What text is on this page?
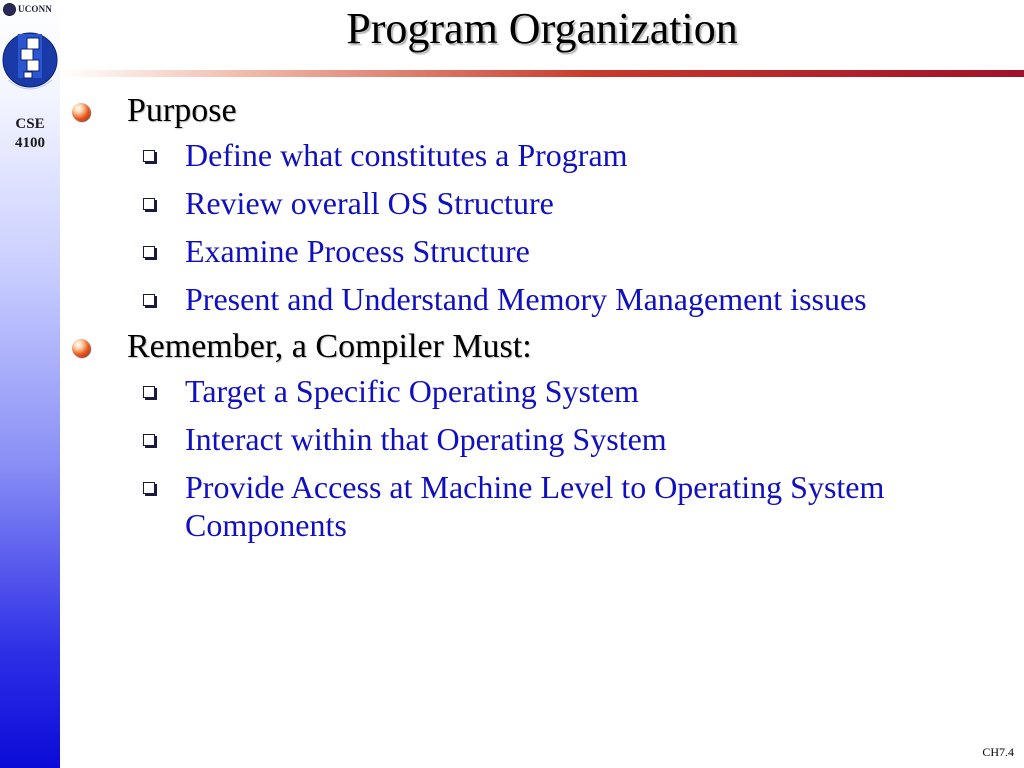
UCONN
CSE
4100
Program Organization
Purpose
Define what constitutes a Program
Review overall OS Structure
Examine Process Structure
Present and Understand Memory Management issues
Remember, a Compiler Must:
Target a Specific Operating System
Interact within that Operating System
Provide Access at Machine Level to Operating System Components
CH7.4
